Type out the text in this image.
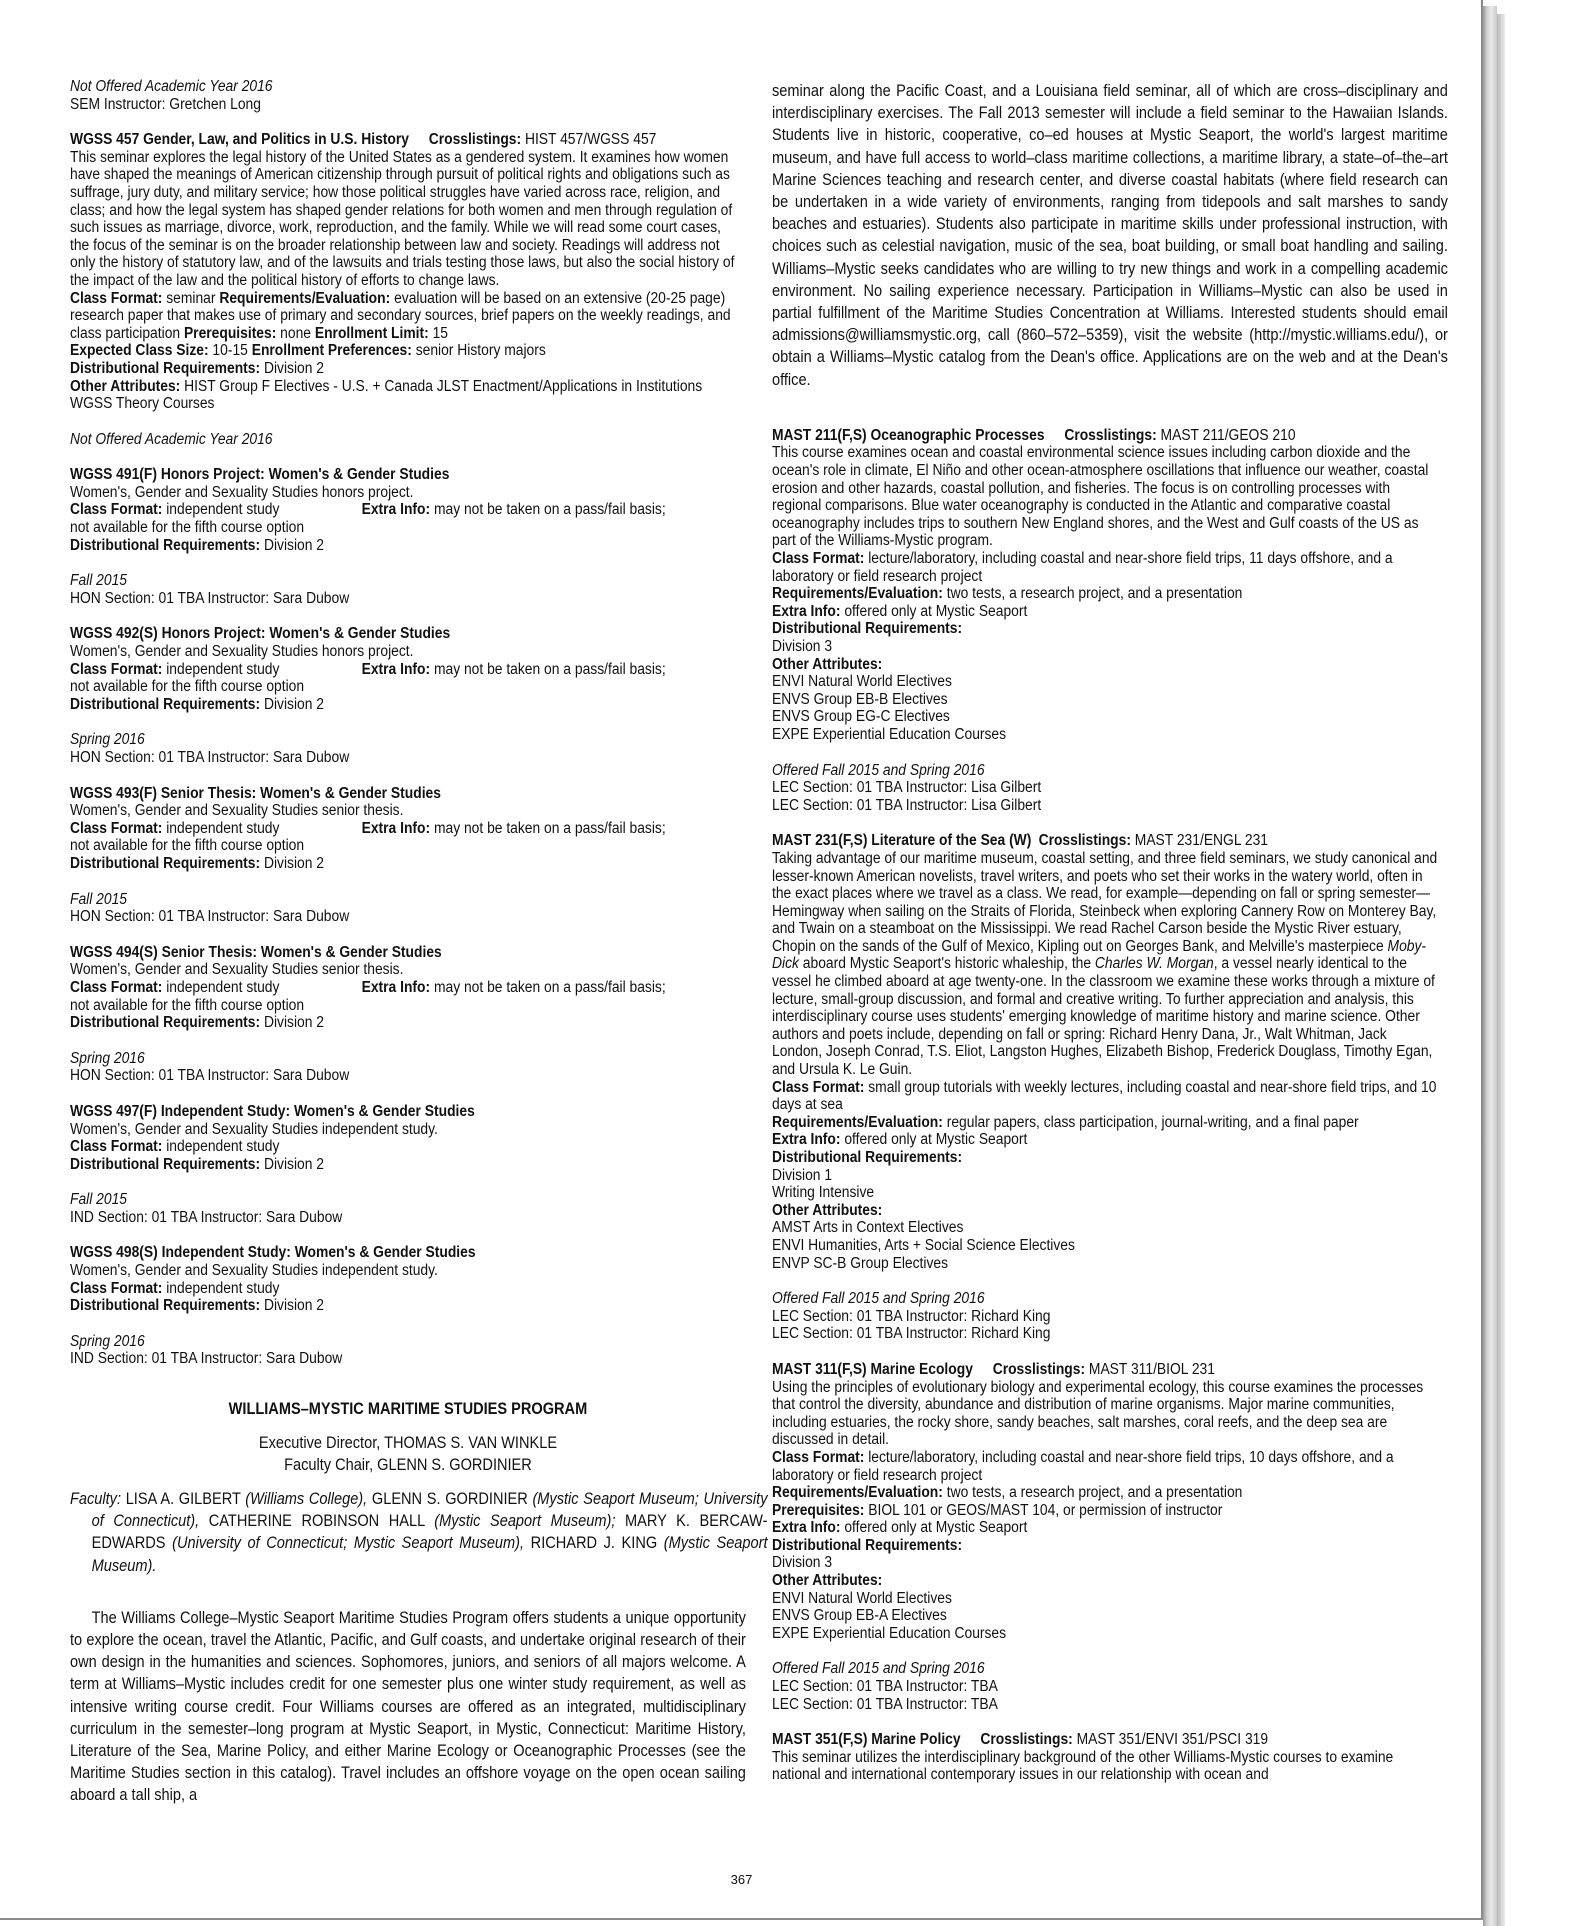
Not Offered Academic Year 2016
SEM Instructor: Gretchen Long
WGSS 457 Gender, Law, and Politics in U.S. History Crosslistings: HIST 457/WGSS 457
This seminar explores the legal history of the United States as a gendered system. It examines how women have shaped the meanings of American citizenship through pursuit of political rights and obligations such as suffrage, jury duty, and military service; how those political struggles have varied across race, religion, and class; and how the legal system has shaped gender relations for both women and men through regulation of such issues as marriage, divorce, work, reproduction, and the family. While we will read some court cases, the focus of the seminar is on the broader relationship between law and society. Readings will address not only the history of statutory law, and of the lawsuits and trials testing those laws, but also the social history of the impact of the law and the political history of efforts to change laws.
Class Format: seminar Requirements/Evaluation: evaluation will be based on an extensive (20-25 page) research paper that makes use of primary and secondary sources, brief papers on the weekly readings, and class participation Prerequisites: none Enrollment Limit: 15
Expected Class Size: 10-15 Enrollment Preferences: senior History majors
Distributional Requirements: Division 2
Other Attributes: HIST Group F Electives - U.S. + Canada JLST Enactment/Applications in Institutions WGSS Theory Courses
Not Offered Academic Year 2016
WGSS 491(F) Honors Project: Women's & Gender Studies
Women's, Gender and Sexuality Studies honors project.
Class Format: independent study	Extra Info: may not be taken on a pass/fail basis;
not available for the fifth course option
Distributional Requirements: Division 2
Fall 2015
HON Section: 01 TBA Instructor: Sara Dubow
WGSS 492(S) Honors Project: Women's & Gender Studies
Women's, Gender and Sexuality Studies honors project.
Class Format: independent study	Extra Info: may not be taken on a pass/fail basis;
not available for the fifth course option
Distributional Requirements: Division 2
Spring 2016
HON Section: 01 TBA Instructor: Sara Dubow
WGSS 493(F) Senior Thesis: Women's & Gender Studies
Women's, Gender and Sexuality Studies senior thesis.
Class Format: independent study	Extra Info: may not be taken on a pass/fail basis;
not available for the fifth course option
Distributional Requirements: Division 2
Fall 2015
HON Section: 01 TBA Instructor: Sara Dubow
WGSS 494(S) Senior Thesis: Women's & Gender Studies
Women's, Gender and Sexuality Studies senior thesis.
Class Format: independent study	Extra Info: may not be taken on a pass/fail basis;
not available for the fifth course option
Distributional Requirements: Division 2
Spring 2016
HON Section: 01 TBA Instructor: Sara Dubow
WGSS 497(F) Independent Study: Women's & Gender Studies
Women's, Gender and Sexuality Studies independent study.
Class Format: independent study
Distributional Requirements: Division 2
Fall 2015
IND Section: 01 TBA Instructor: Sara Dubow
WGSS 498(S) Independent Study: Women's & Gender Studies
Women's, Gender and Sexuality Studies independent study.
Class Format: independent study
Distributional Requirements: Division 2
Spring 2016
IND Section: 01 TBA Instructor: Sara Dubow
WILLIAMS–MYSTIC MARITIME STUDIES PROGRAM
Executive Director, THOMAS S. VAN WINKLE
Faculty Chair, GLENN S. GORDINIER
Faculty: LISA A. GILBERT (Williams College), GLENN S. GORDINIER (Mystic Seaport Museum; University of Connecticut), CATHERINE ROBINSON HALL (Mystic Seaport Museum); MARY K. BERCAW-EDWARDS (University of Connecticut; Mystic Seaport Museum), RICHARD J. KING (Mystic Seaport Museum).

The Williams College–Mystic Seaport Maritime Studies Program offers students a unique opportunity to explore the ocean, travel the Atlantic, Pacific, and Gulf coasts, and undertake original research of their own design in the humanities and sciences. Sophomores, juniors, and seniors of all majors welcome. A term at Williams–Mystic includes credit for one semester plus one winter study requirement, as well as intensive writing course credit. Four Williams courses are offered as an integrated, multidisciplinary curriculum in the semester–long program at Mystic Seaport, in Mystic, Connecticut: Maritime History, Literature of the Sea, Marine Policy, and either Marine Ecology or Oceanographic Processes (see the Maritime Studies section in this catalog). Travel includes an offshore voyage on the open ocean sailing aboard a tall ship, a

seminar along the Pacific Coast, and a Louisiana field seminar, all of which are cross–disciplinary and interdisciplinary exercises. The Fall 2013 semester will include a field seminar to the Hawaiian Islands. Students live in historic, cooperative, co–ed houses at Mystic Seaport, the world's largest maritime museum, and have full access to world–class maritime collections, a maritime library, a state–of–the–art Marine Sciences teaching and research center, and diverse coastal habitats (where field research can be undertaken in a wide variety of environments, ranging from tidepools and salt marshes to sandy beaches and estuaries). Students also participate in maritime skills under professional instruction, with choices such as celestial navigation, music of the sea, boat building, or small boat handling and sailing. Williams–Mystic seeks candidates who are willing to try new things and work in a compelling academic environment. No sailing experience necessary. Participation in Williams–Mystic can also be used in partial fulfillment of the Maritime Studies Concentration at Williams. Interested students should email admissions@williamsmystic.org, call (860–572–5359), visit the website (http://mystic.williams.edu/), or obtain a Williams–Mystic catalog from the Dean's office. Applications are on the web and at the Dean's office.

MAST 211(F,S) Oceanographic Processes Crosslistings: MAST 211/GEOS 210
This course examines ocean and coastal environmental science issues including carbon dioxide and the ocean's role in climate, El Niño and other ocean-atmosphere oscillations that influence our weather, coastal erosion and other hazards, coastal pollution, and fisheries. The focus is on controlling processes with regional comparisons. Blue water oceanography is conducted in the Atlantic and comparative coastal oceanography includes trips to southern New England shores, and the West and Gulf coasts of the US as part of the Williams-Mystic program.
Class Format: lecture/laboratory, including coastal and near-shore field trips, 11 days offshore, and a laboratory or field research project
Requirements/Evaluation: two tests, a research project, and a presentation
Extra Info: offered only at Mystic Seaport
Distributional Requirements:
Division 3
Other Attributes:
ENVI Natural World Electives
ENVS Group EB-B Electives
ENVS Group EG-C Electives
EXPE Experiential Education Courses
Offered Fall 2015 and Spring 2016
LEC Section: 01 TBA Instructor: Lisa Gilbert
LEC Section: 01 TBA Instructor: Lisa Gilbert
MAST 231(F,S) Literature of the Sea (W) Crosslistings: MAST 231/ENGL 231
Taking advantage of our maritime museum, coastal setting, and three field seminars, we study canonical and lesser-known American novelists, travel writers, and poets who set their works in the watery world, often in the exact places where we travel as a class. We read, for example—depending on fall or spring semester—Hemingway when sailing on the Straits of Florida, Steinbeck when exploring Cannery Row on Monterey Bay, and Twain on a steamboat on the Mississippi. We read Rachel Carson beside the Mystic River estuary, Chopin on the sands of the Gulf of Mexico, Kipling out on Georges Bank, and Melville's masterpiece Moby-Dick aboard Mystic Seaport's historic whaleship, the Charles W. Morgan, a vessel nearly identical to the vessel he climbed aboard at age twenty-one. In the classroom we examine these works through a mixture of lecture, small-group discussion, and formal and creative writing. To further appreciation and analysis, this interdisciplinary course uses students' emerging knowledge of maritime history and marine science. Other authors and poets include, depending on fall or spring: Richard Henry Dana, Jr., Walt Whitman, Jack London, Joseph Conrad, T.S. Eliot, Langston Hughes, Elizabeth Bishop, Frederick Douglass, Timothy Egan, and Ursula K. Le Guin.
Class Format: small group tutorials with weekly lectures, including coastal and near-shore field trips, and 10 days at sea
Requirements/Evaluation: regular papers, class participation, journal-writing, and a final paper
Extra Info: offered only at Mystic Seaport
Distributional Requirements:
Division 1
Writing Intensive
Other Attributes:
AMST Arts in Context Electives
ENVI Humanities, Arts + Social Science Electives
ENVP SC-B Group Electives
Offered Fall 2015 and Spring 2016
LEC Section: 01 TBA Instructor: Richard King
LEC Section: 01 TBA Instructor: Richard King
MAST 311(F,S) Marine Ecology Crosslistings: MAST 311/BIOL 231
Using the principles of evolutionary biology and experimental ecology, this course examines the processes that control the diversity, abundance and distribution of marine organisms. Major marine communities, including estuaries, the rocky shore, sandy beaches, salt marshes, coral reefs, and the deep sea are discussed in detail.
Class Format: lecture/laboratory, including coastal and near-shore field trips, 10 days offshore, and a laboratory or field research project
Requirements/Evaluation: two tests, a research project, and a presentation
Prerequisites: BIOL 101 or GEOS/MAST 104, or permission of instructor
Extra Info: offered only at Mystic Seaport
Distributional Requirements:
Division 3
Other Attributes:
ENVI Natural World Electives
ENVS Group EB-A Electives
EXPE Experiential Education Courses
Offered Fall 2015 and Spring 2016
LEC Section: 01 TBA Instructor: TBA
LEC Section: 01 TBA Instructor: TBA
MAST 351(F,S) Marine Policy Crosslistings: MAST 351/ENVI 351/PSCI 319
This seminar utilizes the interdisciplinary background of the other Williams-Mystic courses to examine national and international contemporary issues in our relationship with ocean and
367
